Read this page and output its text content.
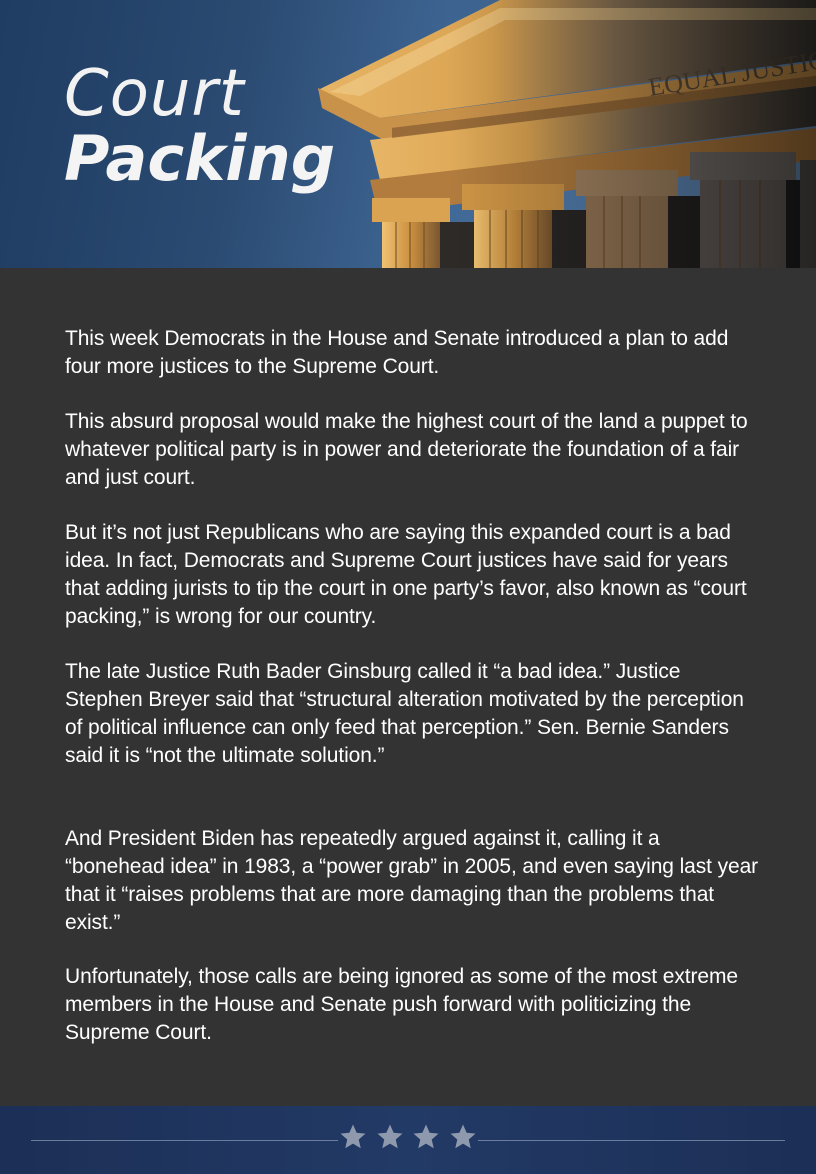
Court
Packing

This week Democrats in the House and Senate introduced a plan to add four more justices to the Supreme Court.

This absurd proposal would make the highest court of the land a puppet to whatever political party is in power and deteriorate the foundation of a fair and just court.

But it’s not just Republicans who are saying this expanded court is a bad idea. In fact, Democrats and Supreme Court justices have said for years that adding jurists to tip the court in one party’s favor, also known as “court packing,” is wrong for our country.

The late Justice Ruth Bader Ginsburg called it “a bad idea.” Justice Stephen Breyer said that “structural alteration motivated by the perception of political influence can only feed that perception.” Sen. Bernie Sanders said it is “not the ultimate solution.”

And President Biden has repeatedly argued against it, calling it a “bonehead idea” in 1983, a “power grab” in 2005, and even saying last year that it “raises problems that are more damaging than the problems that exist.”

Unfortunately, those calls are being ignored as some of the most extreme members in the House and Senate push forward with politicizing the Supreme Court.
